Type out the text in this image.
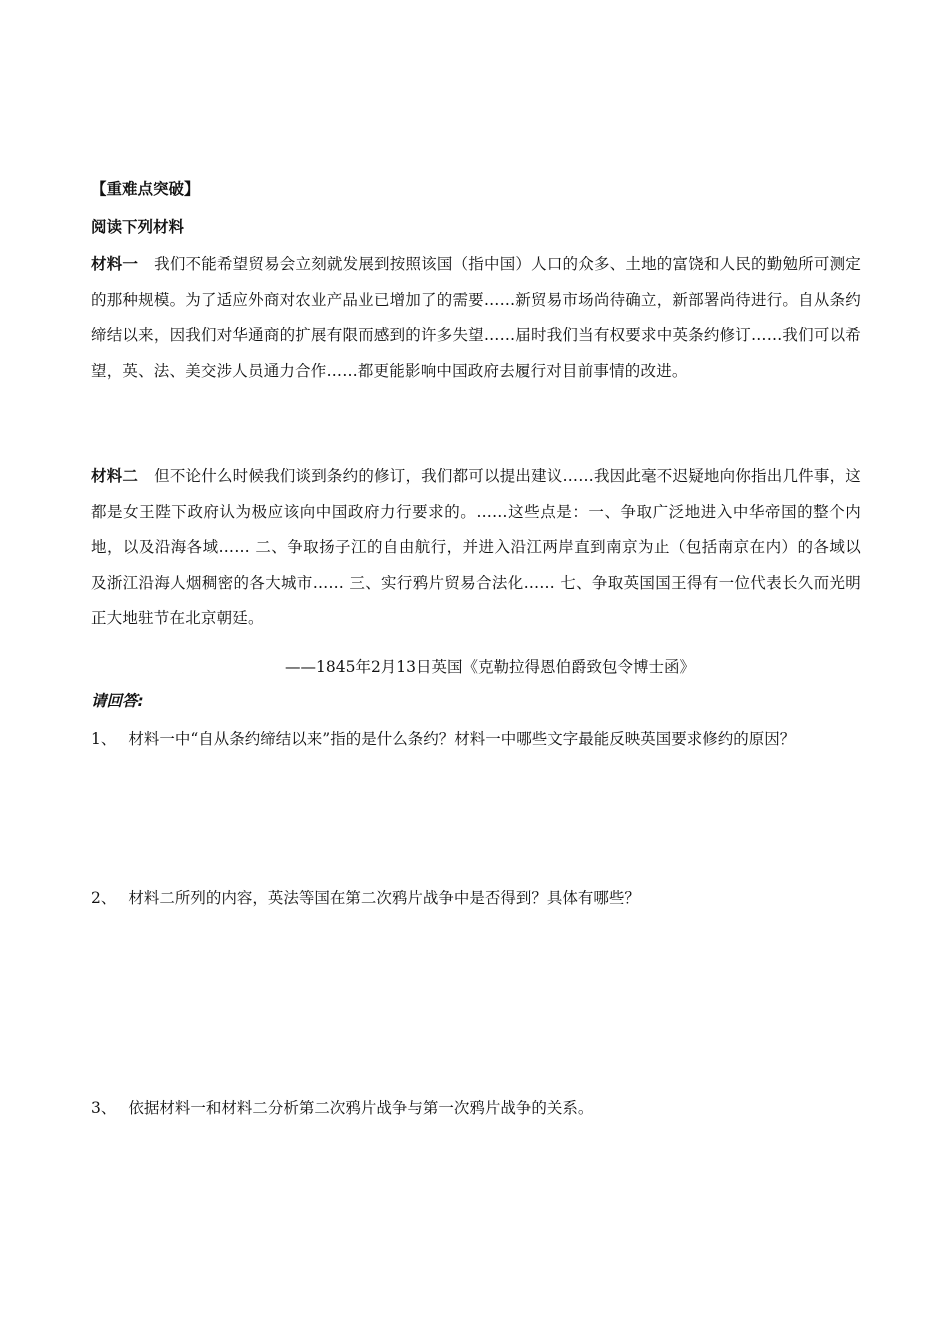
【重难点突破】
阅读下列材料
材料一 我们不能希望贸易会立刻就发展到按照该国（指中国）人口的众多、土地的富饶和人民的勤勉所可测定的那种规模。为了适应外商对农业产品业已增加了的需要……新贸易市场尚待确立，新部署尚待进行。自从条约缔结以来，因我们对华通商的扩展有限而感到的许多失望……届时我们当有权要求中英条约修订……我们可以希望，英、法、美交涉人员通力合作……都更能影响中国政府去履行对目前事情的改进。
材料二 但不论什么时候我们谈到条约的修订，我们都可以提出建议……我因此毫不迟疑地向你指出几件事，这都是女王陛下政府认为极应该向中国政府力行要求的。……这些点是：一、争取广泛地进入中华帝国的整个内地，以及沿海各域…… 二、争取扬子江的自由航行，并进入沿江两岸直到南京为止（包括南京在内）的各域以及浙江沿海人烟稠密的各大城市…… 三、实行鸦片贸易合法化…… 七、争取英国国王得有一位代表长久而光明正大地驻节在北京朝廷。
——1845年2月13日英国《克勒拉得恩伯爵致包令博士函》
请回答:
1、 材料一中“自从条约缔结以来”指的是什么条约？材料一中哪些文字最能反映英国要求修约的原因？
2、 材料二所列的内容，英法等国在第二次鸦片战争中是否得到？具体有哪些？
3、 依据材料一和材料二分析第二次鸦片战争与第一次鸦片战争的关系。
